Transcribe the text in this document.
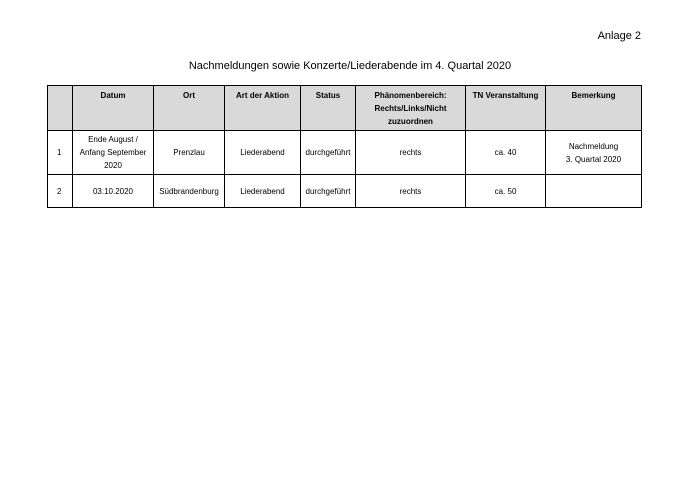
Anlage 2
Nachmeldungen sowie Konzerte/Liederabende im 4. Quartal 2020
	Datum	Ort	Art der Aktion	Status	Phänomenbereich:
Rechts/Links/Nicht
zuzuordnen	TN Veranstaltung	Bemerkung
1	Ende August /
Anfang September
2020	Prenzlau	Liederabend	durchgeführt	rechts	ca. 40	Nachmeldung
3. Quartal 2020
2	03.10.2020	Südbrandenburg	Liederabend	durchgeführt	rechts	ca. 50	
